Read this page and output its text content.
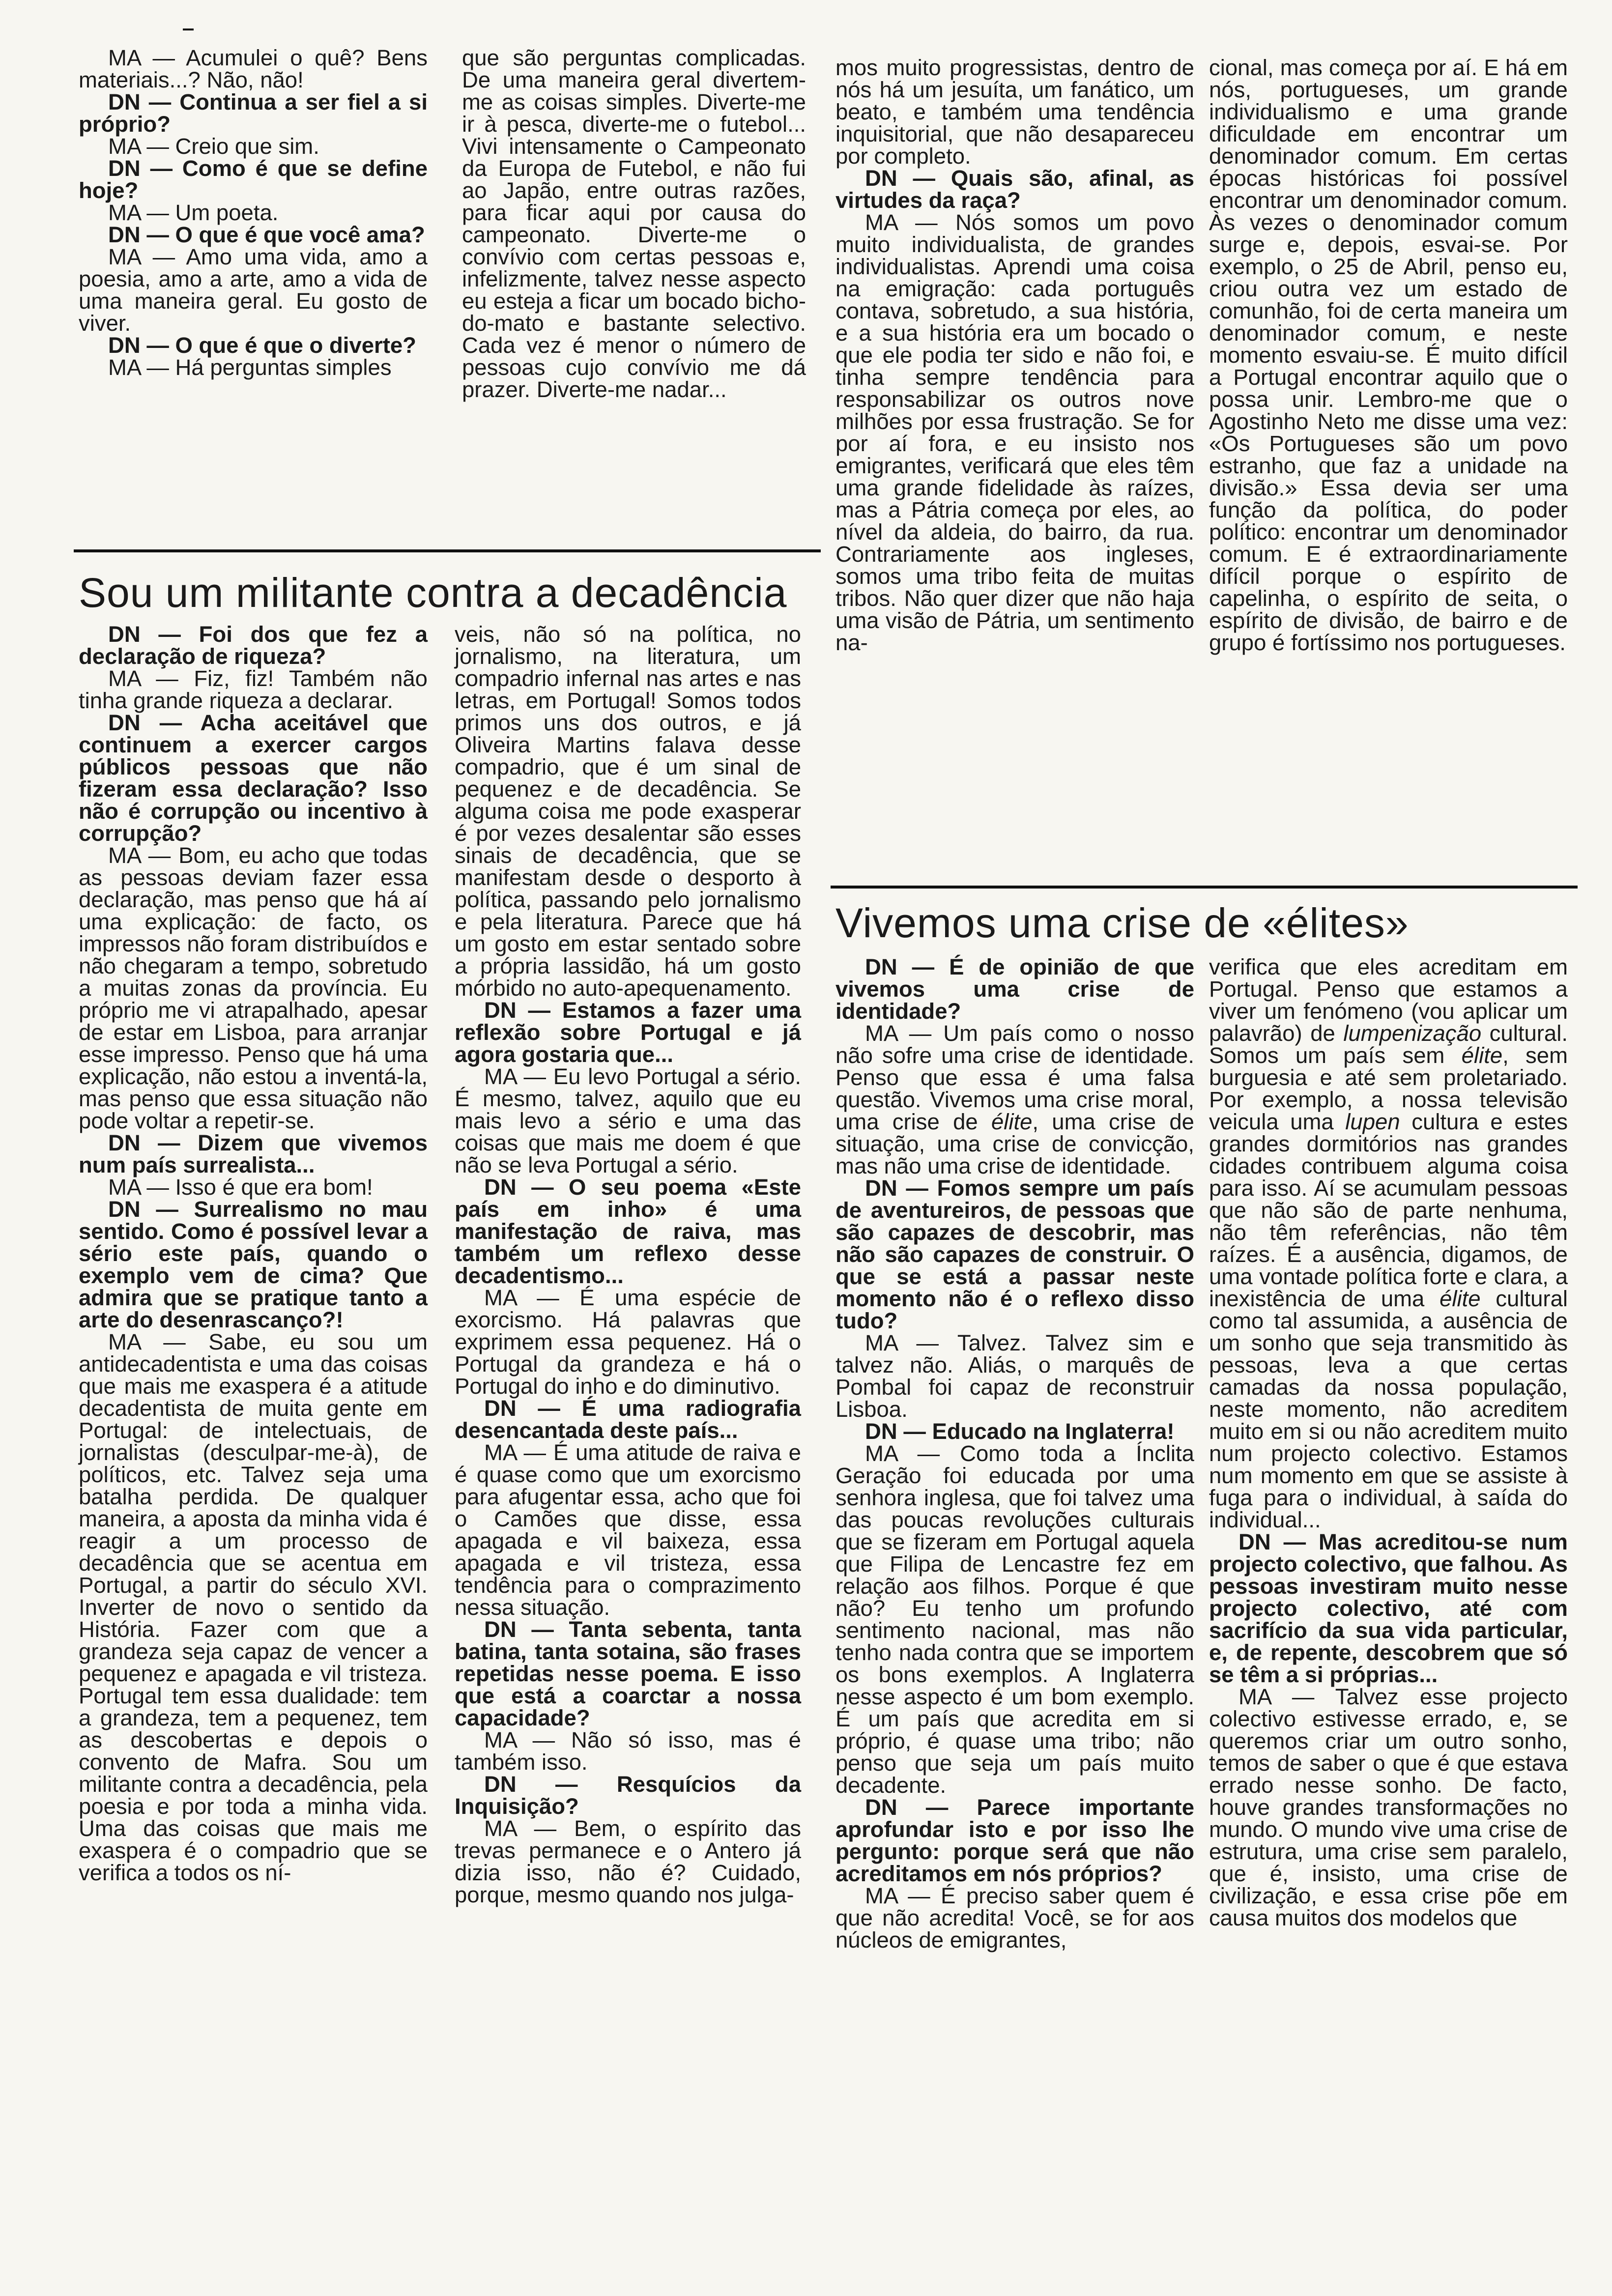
MA — Acumulei o quê? Bens materiais...? Não, não!

DN — Continua a ser fiel a si próprio?

MA — Creio que sim.

DN — Como é que se define hoje?

MA — Um poeta.

DN — O que é que você ama?

MA — Amo uma vida, amo a poesia, amo a arte, amo a vida de uma maneira geral. Eu gosto de viver.

DN — O que é que o diverte?

MA — Há perguntas simples

que são perguntas complicadas. De uma maneira geral divertem-me as coisas simples. Diverte-me ir à pesca, diverte-me o futebol... Vivi intensamente o Campeonato da Europa de Futebol, e não fui ao Japão, entre outras razões, para ficar aqui por causa do campeonato. Diverte-me o convívio com certas pessoas e, infelizmente, talvez nesse aspecto eu esteja a ficar um bocado bicho-do-mato e bastante selectivo. Cada vez é menor o número de pessoas cujo convívio me dá prazer. Diverte-me nadar...

mos muito progressistas, dentro de nós há um jesuíta, um fanático, um beato, e também uma tendência inquisitorial, que não desapareceu por completo.

DN — Quais são, afinal, as virtudes da raça?

MA — Nós somos um povo muito individualista, de grandes individualistas. Aprendi uma coisa na emigração: cada português contava, sobretudo, a sua história, e a sua história era um bocado o que ele podia ter sido e não foi, e tinha sempre tendência para responsabilizar os outros nove milhões por essa frustração. Se for por aí fora, e eu insisto nos emigrantes, verificará que eles têm uma grande fidelidade às raízes, mas a Pátria começa por eles, ao nível da aldeia, do bairro, da rua. Contrariamente aos ingleses, somos uma tribo feita de muitas tribos. Não quer dizer que não haja uma visão de Pátria, um sentimento na-

cional, mas começa por aí. E há em nós, portugueses, um grande individualismo e uma grande dificuldade em encontrar um denominador comum. Em certas épocas históricas foi possível encontrar um denominador comum. Às vezes o denominador comum surge e, depois, esvai-se. Por exemplo, o 25 de Abril, penso eu, criou outra vez um estado de comunhão, foi de certa maneira um denominador comum, e neste momento esvaiu-se. É muito difícil a Portugal encontrar aquilo que o possa unir. Lembro-me que o Agostinho Neto me disse uma vez: «Os Portugueses são um povo estranho, que faz a unidade na divisão.» Essa devia ser uma função da política, do poder político: encontrar um denominador comum. E é extraordinariamente difícil porque o espírito de capelinha, o espírito de seita, o espírito de divisão, de bairro e de grupo é fortíssimo nos portugueses.

Sou um militante contra a decadência

DN — Foi dos que fez a declaração de riqueza?

MA — Fiz, fiz! Também não tinha grande riqueza a declarar.

DN — Acha aceitável que continuem a exercer cargos públicos pessoas que não fizeram essa declaração? Isso não é corrupção ou incentivo à corrupção?

MA — Bom, eu acho que todas as pessoas deviam fazer essa declaração, mas penso que há aí uma explicação: de facto, os impressos não foram distribuídos e não chegaram a tempo, sobretudo a muitas zonas da província. Eu próprio me vi atrapalhado, apesar de estar em Lisboa, para arranjar esse impresso. Penso que há uma explicação, não estou a inventá-la, mas penso que essa situação não pode voltar a repetir-se.

DN — Dizem que vivemos num país surrealista...

MA — Isso é que era bom!

DN — Surrealismo no mau sentido. Como é possível levar a sério este país, quando o exemplo vem de cima? Que admira que se pratique tanto a arte do desenrascanço?!

MA — Sabe, eu sou um antidecadentista e uma das coisas que mais me exaspera é a atitude decadentista de muita gente em Portugal: de intelectuais, de jornalistas (desculpar-me-à), de políticos, etc. Talvez seja uma batalha perdida. De qualquer maneira, a aposta da minha vida é reagir a um processo de decadência que se acentua em Portugal, a partir do século XVI. Inverter de novo o sentido da História. Fazer com que a grandeza seja capaz de vencer a pequenez e apagada e vil tristeza. Portugal tem essa dualidade: tem a grandeza, tem a pequenez, tem as descobertas e depois o convento de Mafra. Sou um militante contra a decadência, pela poesia e por toda a minha vida. Uma das coisas que mais me exaspera é o compadrio que se verifica a todos os ní-

veis, não só na política, no jornalismo, na literatura, um compadrio infernal nas artes e nas letras, em Portugal! Somos todos primos uns dos outros, e já Oliveira Martins falava desse compadrio, que é um sinal de pequenez e de decadência. Se alguma coisa me pode exasperar é por vezes desalentar são esses sinais de decadência, que se manifestam desde o desporto à política, passando pelo jornalismo e pela literatura. Parece que há um gosto em estar sentado sobre a própria lassidão, há um gosto mórbido no auto-apequenamento.

DN — Estamos a fazer uma reflexão sobre Portugal e já agora gostaria que...

MA — Eu levo Portugal a sério. É mesmo, talvez, aquilo que eu mais levo a sério e uma das coisas que mais me doem é que não se leva Portugal a sério.

DN — O seu poema «Este país em inho» é uma manifestação de raiva, mas também um reflexo desse decadentismo...

MA — É uma espécie de exorcismo. Há palavras que exprimem essa pequenez. Há o Portugal da grandeza e há o Portugal do inho e do diminutivo.

DN — É uma radiografia desencantada deste país...

MA — É uma atitude de raiva e é quase como que um exorcismo para afugentar essa, acho que foi o Camões que disse, essa apagada e vil baixeza, essa apagada e vil tristeza, essa tendência para o comprazimento nessa situação.

DN — Tanta sebenta, tanta batina, tanta sotaina, são frases repetidas nesse poema. E isso que está a coarctar a nossa capacidade?

MA — Não só isso, mas é também isso.

DN — Resquícios da Inquisição?

MA — Bem, o espírito das trevas permanece e o Antero já dizia isso, não é? Cuidado, porque, mesmo quando nos julga-

Vivemos uma crise de «élites»

DN — É de opinião de que vivemos uma crise de identidade?

MA — Um país como o nosso não sofre uma crise de identidade. Penso que essa é uma falsa questão. Vivemos uma crise moral, uma crise de élite, uma crise de situação, uma crise de convicção, mas não uma crise de identidade.

DN — Fomos sempre um país de aventureiros, de pessoas que são capazes de descobrir, mas não são capazes de construir. O que se está a passar neste momento não é o reflexo disso tudo?

MA — Talvez. Talvez sim e talvez não. Aliás, o marquês de Pombal foi capaz de reconstruir Lisboa.

DN — Educado na Inglaterra!

MA — Como toda a Ínclita Geração foi educada por uma senhora inglesa, que foi talvez uma das poucas revoluções culturais que se fizeram em Portugal aquela que Filipa de Lencastre fez em relação aos filhos. Porque é que não? Eu tenho um profundo sentimento nacional, mas não tenho nada contra que se importem os bons exemplos. A Inglaterra nesse aspecto é um bom exemplo. É um país que acredita em si próprio, é quase uma tribo; não penso que seja um país muito decadente.

DN — Parece importante aprofundar isto e por isso lhe pergunto: porque será que não acreditamos em nós próprios?

MA — É preciso saber quem é que não acredita! Você, se for aos núcleos de emigrantes,

verifica que eles acreditam em Portugal. Penso que estamos a viver um fenómeno (vou aplicar um palavrão) de lumpenização cultural. Somos um país sem élite, sem burguesia e até sem proletariado. Por exemplo, a nossa televisão veicula uma lupen cultura e estes grandes dormitórios nas grandes cidades contribuem alguma coisa para isso. Aí se acumulam pessoas que não são de parte nenhuma, não têm referências, não têm raízes. É a ausência, digamos, de uma vontade política forte e clara, a inexistência de uma élite cultural como tal assumida, a ausência de um sonho que seja transmitido às pessoas, leva a que certas camadas da nossa população, neste momento, não acreditem muito em si ou não acreditem muito num projecto colectivo. Estamos num momento em que se assiste à fuga para o individual, à saída do individual...

DN — Mas acreditou-se num projecto colectivo, que falhou. As pessoas investiram muito nesse projecto colectivo, até com sacrifício da sua vida particular, e, de repente, descobrem que só se têm a si próprias...

MA — Talvez esse projecto colectivo estivesse errado, e, se queremos criar um outro sonho, temos de saber o que é que estava errado nesse sonho. De facto, houve grandes transformações no mundo. O mundo vive uma crise de estrutura, uma crise sem paralelo, que é, insisto, uma crise de civilização, e essa crise põe em causa muitos dos modelos que
